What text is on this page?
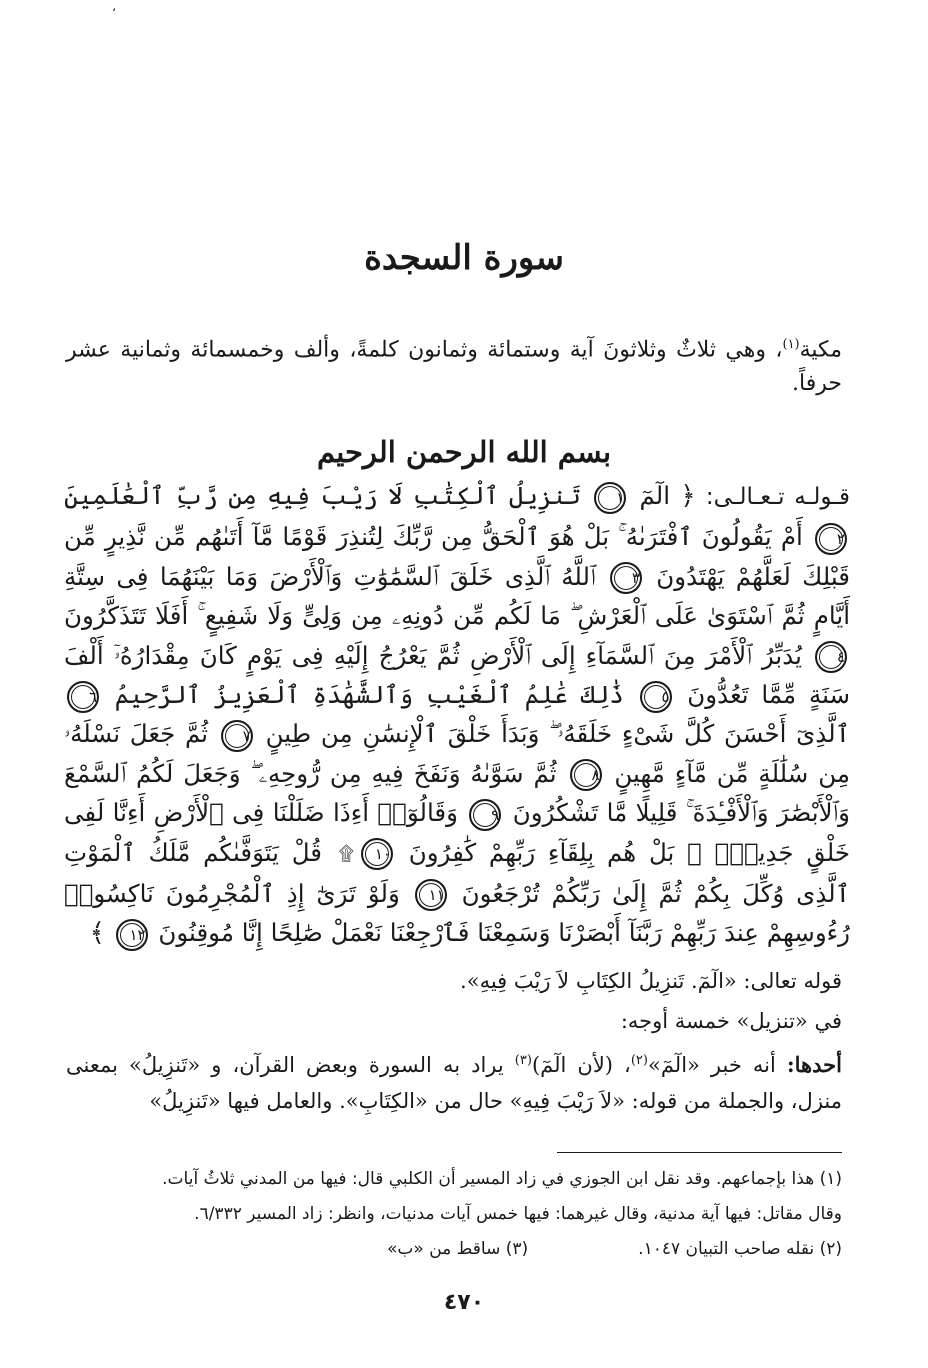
،
سورة السجدة
مكية$^{(١)}$، وهي ثلاثٌ وثلاثونَ آية وستمائة وثمانون كلمةً، وألف وخمسمائة وثمانية عشر حرفاً.
بسم الله الرحمن الرحيم
قـولـه تـعـالـى: ﴿ الٓمٓ ١ تَنزِيلُ ٱلْكِتَٰبِ لَا رَيْبَ فِيهِ مِن رَّبِّ ٱلْعَٰلَمِينَ ٢ أَمْ يَقُولُونَ ٱفْتَرَىٰهُ ۚ بَلْ هُوَ ٱلْحَقُّ مِن رَّبِّكَ لِتُنذِرَ قَوْمًا مَّآ أَتَىٰهُم مِّن نَّذِيرٍ مِّن قَبْلِكَ لَعَلَّهُمْ يَهْتَدُونَ ٣ ٱللَّهُ ٱلَّذِى خَلَقَ ٱلسَّمَٰوَٰتِ وَٱلْأَرْضَ وَمَا بَيْنَهُمَا فِى سِتَّةِ أَيَّامٍ ثُمَّ ٱسْتَوَىٰ عَلَى ٱلْعَرْشِ ۖ مَا لَكُم مِّن دُونِهِۦ مِن وَلِىٍّ وَلَا شَفِيعٍ ۚ أَفَلَا تَتَذَكَّرُونَ ٤ يُدَبِّرُ ٱلْأَمْرَ مِنَ ٱلسَّمَآءِ إِلَى ٱلْأَرْضِ ثُمَّ يَعْرُجُ إِلَيْهِ فِى يَوْمٍ كَانَ مِقْدَارُهُۥٓ أَلْفَ سَنَةٍ مِّمَّا تَعُدُّونَ ٥ ذَٰلِكَ عَٰلِمُ ٱلْغَيْبِ وَٱلشَّهَٰدَةِ ٱلْعَزِيزُ ٱلرَّحِيمُ ٦ ٱلَّذِىٓ أَحْسَنَ كُلَّ شَىْءٍ خَلَقَهُۥ ۖ وَبَدَأَ خَلْقَ ٱلْإِنسَٰنِ مِن طِينٍ ٧ ثُمَّ جَعَلَ نَسْلَهُۥ مِن سُلَٰلَةٍ مِّن مَّآءٍ مَّهِينٍ ٨ ثُمَّ سَوَّىٰهُ وَنَفَخَ فِيهِ مِن رُّوحِهِۦ ۖ وَجَعَلَ لَكُمُ ٱلسَّمْعَ وَٱلْأَبْصَٰرَ وَٱلْأَفْـِٔدَةَ ۚ قَلِيلًا مَّا تَشْكُرُونَ ٩ وَقَالُوٓا۟ أَءِذَا ضَلَلْنَا فِى ٱلْأَرْضِ أَءِنَّا لَفِى خَلْقٍ جَدِيدٍۭ ۚ بَلْ هُم بِلِقَآءِ رَبِّهِمْ كَٰفِرُونَ ١٠۩ قُلْ يَتَوَفَّىٰكُم مَّلَكُ ٱلْمَوْتِ ٱلَّذِى وُكِّلَ بِكُمْ ثُمَّ إِلَىٰ رَبِّكُمْ تُرْجَعُونَ ١١ وَلَوْ تَرَىٰٓ إِذِ ٱلْمُجْرِمُونَ نَاكِسُوا۟ رُءُوسِهِمْ عِندَ رَبِّهِمْ رَبَّنَآ أَبْصَرْنَا وَسَمِعْنَا فَٱرْجِعْنَا نَعْمَلْ صَٰلِحًا إِنَّا مُوقِنُونَ ١٢ ﴾

قوله تعالى: «الٓمٓ. تَنزِيلُ الكِتَابِ لاَ رَيْبَ فِيهِ».

في «تنزيل» خمسة أوجه:

أحدها: أنه خبر «الٓمٓ»$^{(٢)}$، (لأن الٓمٓ)$^{(٣)}$ يراد به السورة وبعض القرآن، و «تَنزِيلُ» بمعنى منزل، والجملة من قوله: «لاَ رَيْبَ فِيهِ» حال من «الكِتَابِ». والعامل فيها «تَنزِيلُ»

(١) هذا بإجماعهم. وقد نقل ابن الجوزي في زاد المسير أن الكلبي قال: فيها من المدني ثلاثُ آيات.

وقال مقاتل: فيها آية مدنية، وقال غيرهما: فيها خمس آيات مدنيات، وانظر: زاد المسير ٦/٣٣٢.

(٢) نقله صاحب التبيان ١٠٤٧.
(٣) ساقط من «ب»

٤٧٠
